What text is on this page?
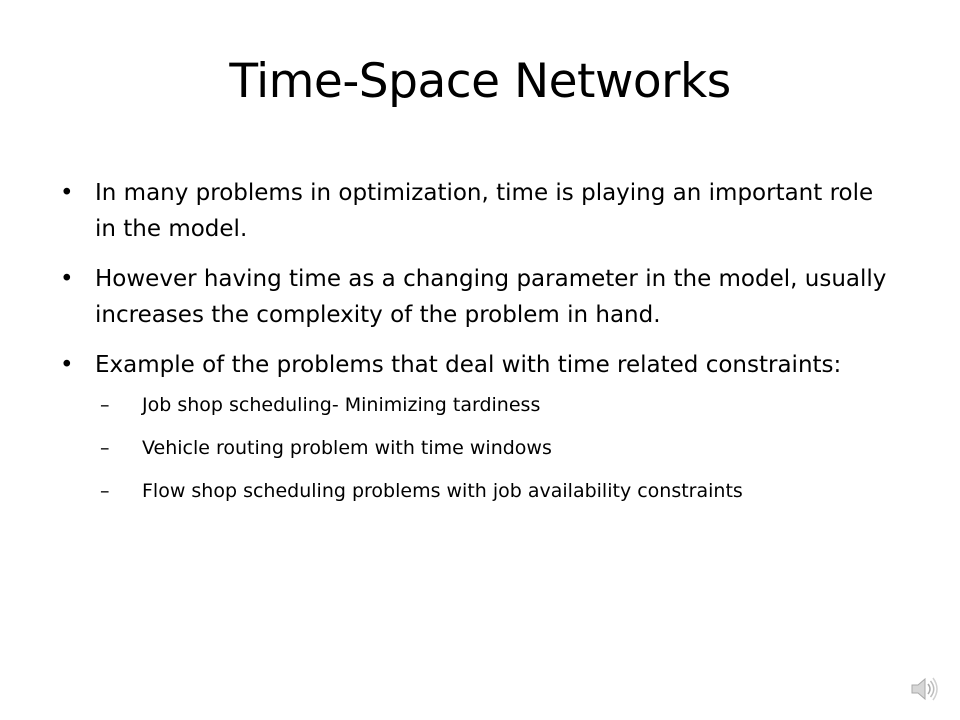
Time-Space Networks
• In many problems in optimization, time is playing an important role in the model.
• However having time as a changing parameter in the model, usually increases the complexity of the problem in hand.
• Example of the problems that deal with time related constraints:
–	Job shop scheduling- Minimizing tardiness
–	Vehicle routing problem with time windows
–	Flow shop scheduling problems with job availability constraints
